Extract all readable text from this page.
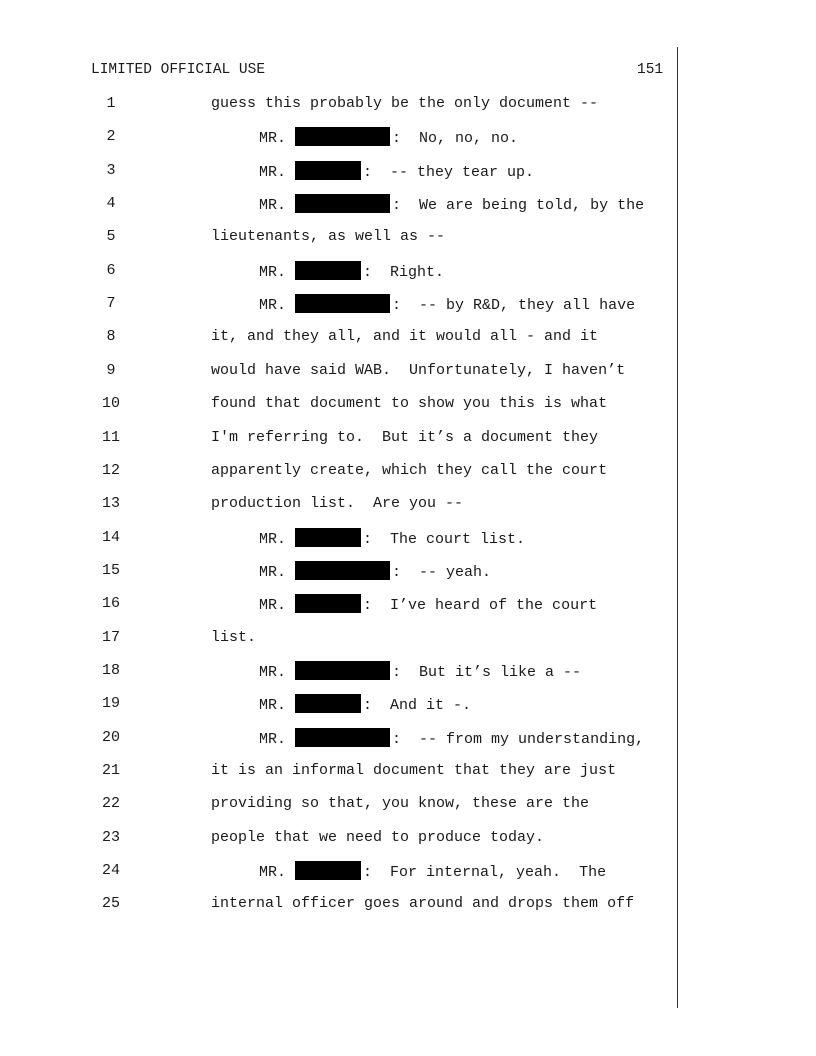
LIMITED OFFICIAL USE	151
1	guess this probably be the only document --
2	MR.	:  No, no, no.
3	MR.	:  -- they tear up.
4	MR.	:  We are being told, by the
5	lieutenants, as well as --
6	MR.	:  Right.
7	MR.	:  -- by R&D, they all have
8	it, and they all, and it would all - and it
9	would have said WAB.  Unfortunately, I haven’t
10	found that document to show you this is what
11	I'm referring to.  But it’s a document they
12	apparently create, which they call the court
13	production list.  Are you --
14	MR.	:  The court list.
15	MR.	:  -- yeah.
16	MR.	:  I’ve heard of the court
17	list.
18	MR.	:  But it’s like a --
19	MR.	:  And it -.
20	MR.	:  -- from my understanding,
21	it is an informal document that they are just
22	providing so that, you know, these are the
23	people that we need to produce today.
24	MR.	:  For internal, yeah.  The
25	internal officer goes around and drops them off
